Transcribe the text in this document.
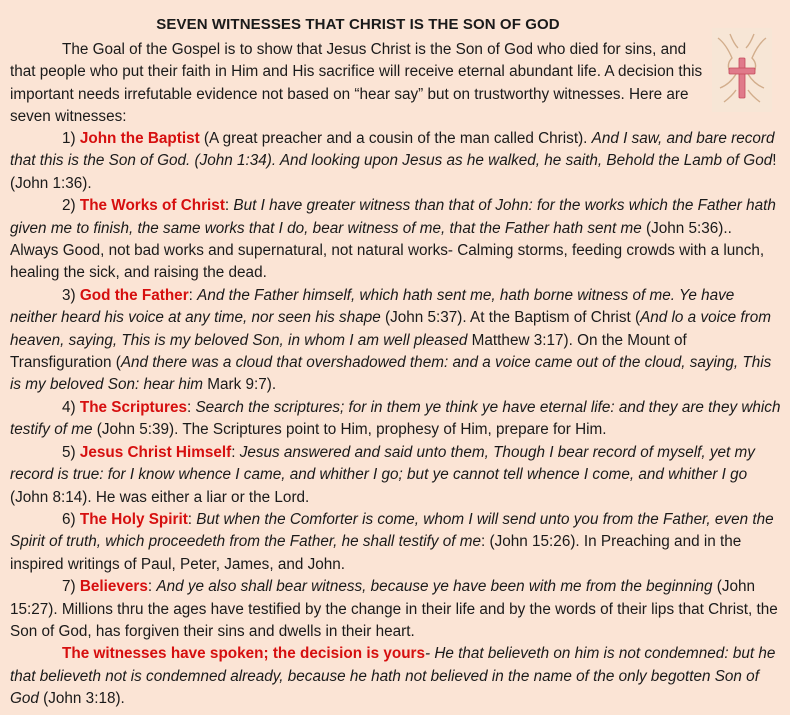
SEVEN WITNESSES THAT CHRIST IS THE SON OF GOD
The Goal of the Gospel is to show that Jesus Christ is the Son of God who died for sins, and that people who put their faith in Him and His sacrifice will receive eternal abundant life. A decision this important needs irrefutable evidence not based on “hear say” but on trustworthy witnesses. Here are seven witnesses:

1) John the Baptist (A great preacher and a cousin of the man called Christ). And I saw, and bare record that this is the Son of God. (John 1:34). And looking upon Jesus as he walked, he saith, Behold the Lamb of God! (John 1:36).

2) The Works of Christ: But I have greater witness than that of John: for the works which the Father hath given me to finish, the same works that I do, bear witness of me, that the Father hath sent me (John 5:36).. Always Good, not bad works and supernatural, not natural works- Calming storms, feeding crowds with a lunch, healing the sick, and raising the dead.

3) God the Father: And the Father himself, which hath sent me, hath borne witness of me. Ye have neither heard his voice at any time, nor seen his shape (John 5:37). At the Baptism of Christ (And lo a voice from heaven, saying, This is my beloved Son, in whom I am well pleased Matthew 3:17). On the Mount of Transfiguration (And there was a cloud that overshadowed them: and a voice came out of the cloud, saying, This is my beloved Son: hear him Mark 9:7).

4) The Scriptures: Search the scriptures; for in them ye think ye have eternal life: and they are they which testify of me (John 5:39). The Scriptures point to Him, prophesy of Him, prepare for Him.

5) Jesus Christ Himself: Jesus answered and said unto them, Though I bear record of myself, yet my record is true: for I know whence I came, and whither I go; but ye cannot tell whence I come, and whither I go (John 8:14). He was either a liar or the Lord.

6) The Holy Spirit: But when the Comforter is come, whom I will send unto you from the Father, even the Spirit of truth, which proceedeth from the Father, he shall testify of me: (John 15:26). In Preaching and in the inspired writings of Paul, Peter, James, and John.

7) Believers: And ye also shall bear witness, because ye have been with me from the beginning (John 15:27). Millions thru the ages have testified by the change in their life and by the words of their lips that Christ, the Son of God, has forgiven their sins and dwells in their heart.

The witnesses have spoken; the decision is yours- He that believeth on him is not condemned: but he that believeth not is condemned already, because he hath not believed in the name of the only begotten Son of God (John 3:18).
